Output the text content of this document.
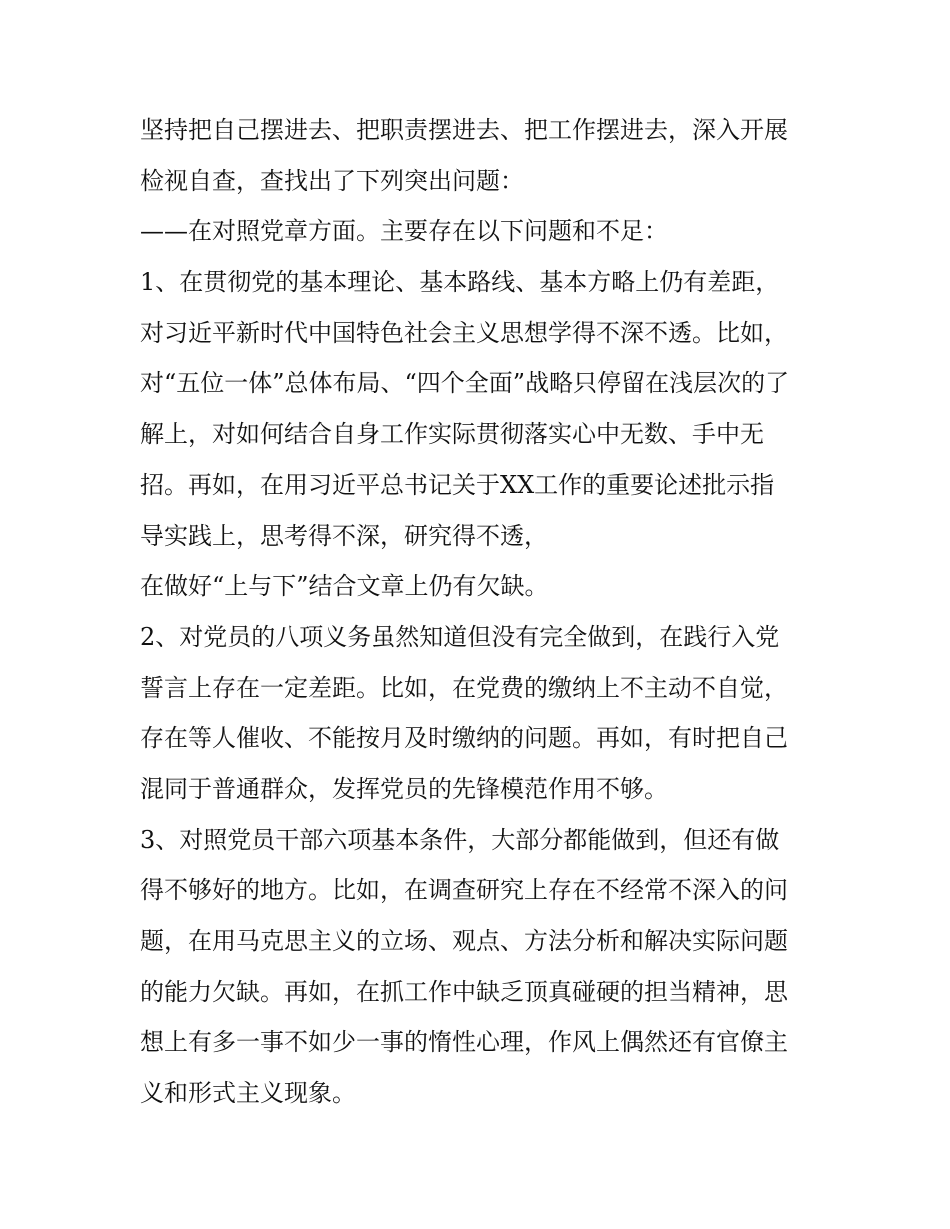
坚持把自己摆进去、把职责摆进去、把工作摆进去，深入开展

检视自查，查找出了下列突出问题：

——在对照党章方面。主要存在以下问题和不足：

1、在贯彻党的基本理论、基本路线、基本方略上仍有差距，

对习近平新时代中国特色社会主义思想学得不深不透。比如，

对“五位一体”总体布局、“四个全面”战略只停留在浅层次的了

解上，对如何结合自身工作实际贯彻落实心中无数、手中无

招。再如，在用习近平总书记关于XX工作的重要论述批示指

导实践上，思考得不深，研究得不透，

在做好“上与下”结合文章上仍有欠缺。

2、对党员的八项义务虽然知道但没有完全做到，在践行入党

誓言上存在一定差距。比如，在党费的缴纳上不主动不自觉，

存在等人催收、不能按月及时缴纳的问题。再如，有时把自己

混同于普通群众，发挥党员的先锋模范作用不够。

3、对照党员干部六项基本条件，大部分都能做到，但还有做

得不够好的地方。比如，在调查研究上存在不经常不深入的问

题，在用马克思主义的立场、观点、方法分析和解决实际问题

的能力欠缺。再如，在抓工作中缺乏顶真碰硬的担当精神，思

想上有多一事不如少一事的惰性心理，作风上偶然还有官僚主

义和形式主义现象。
